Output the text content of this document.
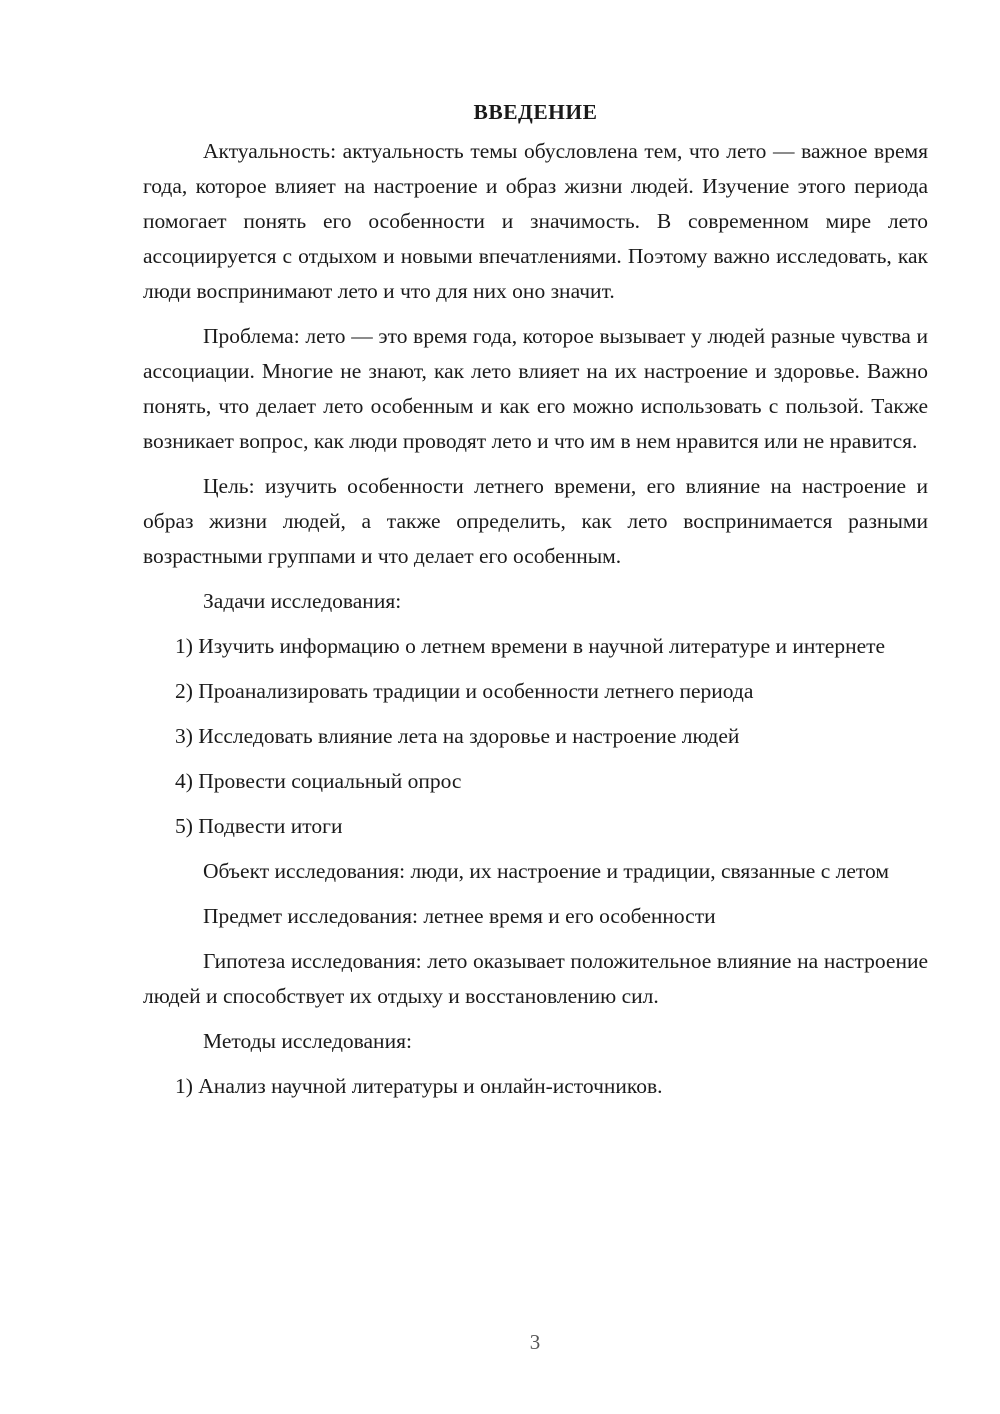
ВВЕДЕНИЕ

Актуальность: актуальность темы обусловлена тем, что лето — важное время года, которое влияет на настроение и образ жизни людей. Изучение этого периода помогает понять его особенности и значимость. В современном мире лето ассоциируется с отдыхом и новыми впечатлениями. Поэтому важно исследовать, как люди воспринимают лето и что для них оно значит.

Проблема: лето — это время года, которое вызывает у людей разные чувства и ассоциации. Многие не знают, как лето влияет на их настроение и здоровье. Важно понять, что делает лето особенным и как его можно использовать с пользой. Также возникает вопрос, как люди проводят лето и что им в нем нравится или не нравится.

Цель: изучить особенности летнего времени, его влияние на настроение и образ жизни людей, а также определить, как лето воспринимается разными возрастными группами и что делает его особенным.

Задачи исследования:

1) Изучить информацию о летнем времени в научной литературе и интернете

2) Проанализировать традиции и особенности летнего периода

3) Исследовать влияние лета на здоровье и настроение людей

4) Провести социальный опрос

5) Подвести итоги

Объект исследования: люди, их настроение и традиции, связанные с летом

Предмет исследования: летнее время и его особенности

Гипотеза исследования: лето оказывает положительное влияние на настроение людей и способствует их отдыху и восстановлению сил.

Методы исследования:

1) Анализ научной литературы и онлайн-источников.

3
